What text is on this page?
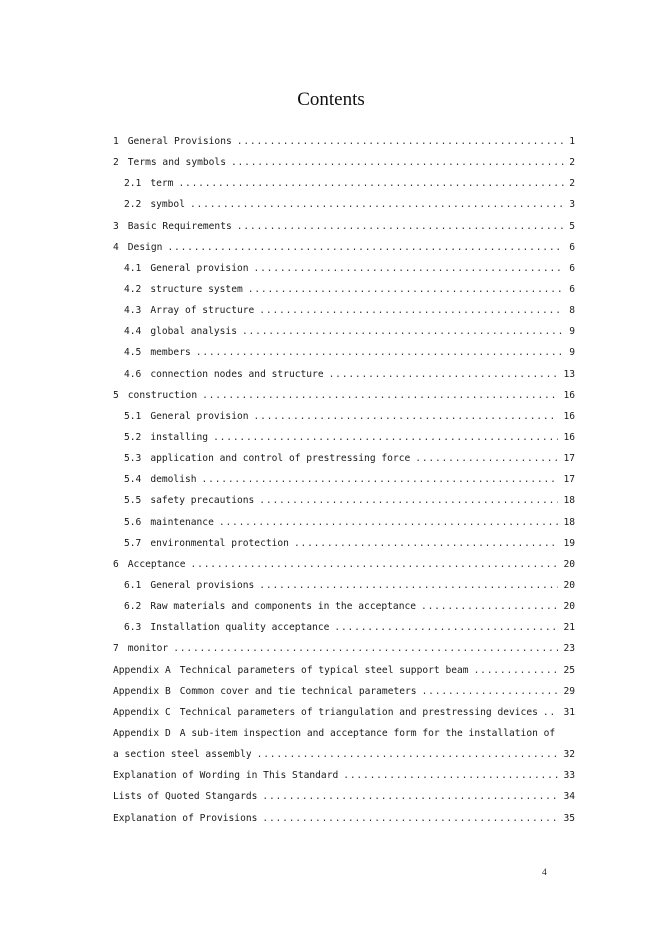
Contents
1 General Provisions .....	1
2 Terms and symbols .....	2
2.1 term .....	2
2.2 symbol .....	3
3 Basic Requirements .....	5
4 Design .....	6
4.1 General provision .....	6
4.2 structure system .....	6
4.3 Array of structure .....	8
4.4 global analysis .....	9
4.5 members .....	9
4.6 connection nodes and structure .....	13
5 construction .....	16
5.1 General provision .....	16
5.2 installing .....	16
5.3 application and control of prestressing force .....	17
5.4 demolish .....	17
5.5 safety precautions .....	18
5.6 maintenance .....	18
5.7 environmental protection .....	19
6 Acceptance .....	20
6.1 General provisions .....	20
6.2 Raw materials and components in the acceptance .....	20
6.3 Installation quality acceptance .....	21
7 monitor .....	23
Appendix A Technical parameters of typical steel support beam .....	25
Appendix B Common cover and tie technical parameters .....	29
Appendix C Technical parameters of triangulation and prestressing devices .....	31
Appendix D A sub-item inspection and acceptance form for the installation of
a section steel assembly .....	32
Explanation of Wording in This Standard .....	33
Lists of Quoted Stangards .....	34
Explanation of Provisions .....	35
4
